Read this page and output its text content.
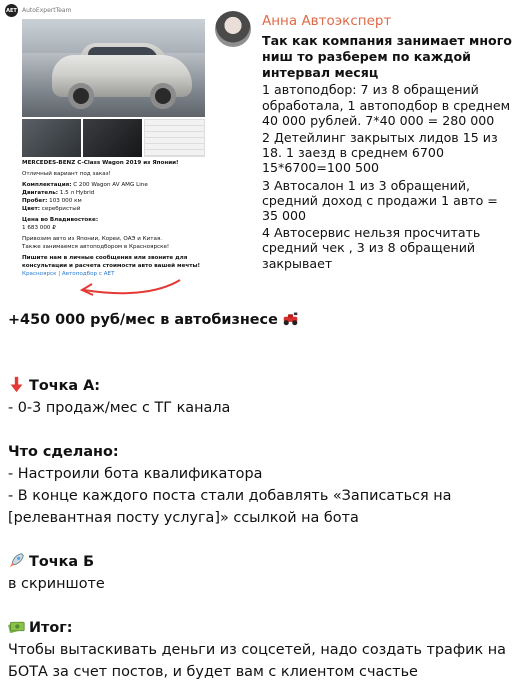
AET AutoExpertTeam
MERCEDES-BENZ C-Class Wagon 2019 из Японии!
Отличный вариант под заказ!
Комплектация: C 200 Wagon AV AMG Line
Двигатель: 1.5 л Hybrid
Пробег: 103 000 км
Цвет: серебристый
Цена во Владивостоке:
1 683 000 ₽
Привозим авто из Японии, Кореи, ОАЭ и Китая.
Также занимаемся автоподбором в Красноярске!
Пишите нам в личные сообщения или звоните для консультации и расчета стоимости авто вашей мечты!
Красноярск | Автоподбор с AET
Анна Автоэксперт
Так как компания занимает много ниш то разберем по каждой интервал месяц
1 автоподбор: 7 из 8 обращений обработала, 1 автоподбор в среднем 40 000 рублей. 7*40 000 = 280 000
2 Детейлинг закрытых лидов 15 из 18. 1 заезд в среднем 6700 15*6700=100 500
3 Автосалон 1 из 3 обращений, средний доход с продажи 1 авто = 35 000
4 Автосервис нельзя просчитать средний чек , 3 из 8 обращений закрывает
+450 000 руб/мес в автобизнесе
Точка А:
- 0-3 продаж/мес с ТГ канала
Что сделано:
- Настроили бота квалификатора
- В конце каждого поста стали добавлять «Записаться на [релевантная посту услуга]» ссылкой на бота
Точка Б
в скриншоте
Итог:
Чтобы вытаскивать деньги из соцсетей, надо создать трафик на БОТА за счет постов, и будет вам с клиентом счастье
